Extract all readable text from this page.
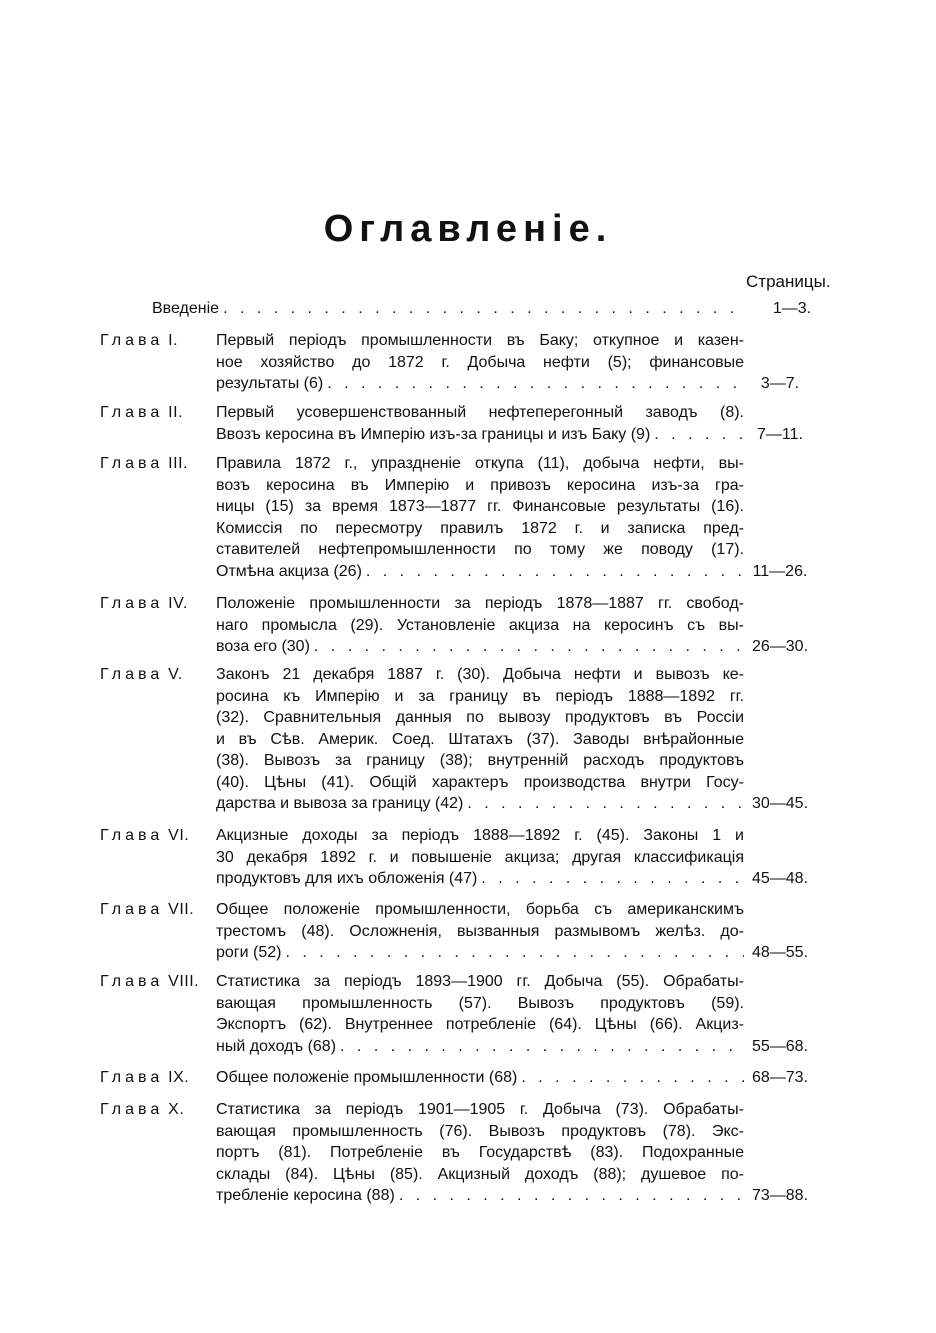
Оглавленіе.
Страницы.
Введеніе . . .	1—3.
Глава I.	Первый періодъ промышленности въ Баку; откупное и казен-
ное хозяйство до 1872 г. Добыча нефти (5); финансовые
результаты (6) . . .	3—7.
Глава II.	Первый усовершенствованный нефтеперегонный заводъ (8).
Ввозъ керосина въ Имперію изъ-за границы и изъ Баку (9) . . .	7—11.
Глава III.	Правила 1872 г., упраздненіе откупа (11), добыча нефти, вы-
возъ керосина въ Имперію и привозъ керосина изъ-за гра-
ницы (15) за время 1873—1877 гг. Финансовые результаты (16).
Комиссія по пересмотру правилъ 1872 г. и записка пред-
ставителей нефтепромышленности по тому же поводу (17).
Отмѣна акциза (26) . . .	11—26.
Глава IV.	Положеніе промышленности за періодъ 1878—1887 гг. свобод-
наго промысла (29). Установленіе акциза на керосинъ съ вы-
воза его (30) . . .	26—30.
Глава V.	Законъ 21 декабря 1887 г. (30). Добыча нефти и вывозъ ке-
росина къ Имперію и за границу въ періодъ 1888—1892 гг.
(32). Сравнительныя данныя по вывозу продуктовъ въ Россіи
и въ Сѣв. Америк. Соед. Штатахъ (37). Заводы внѣрайонные
(38). Вывозъ за границу (38); внутренній расходъ продуктовъ
(40). Цѣны (41). Общій характеръ производства внутри Госу-
дарства и вывоза за границу (42) . . .	30—45.
Глава VI.	Акцизные доходы за періодъ 1888—1892 г. (45). Законы 1 и
30 декабря 1892 г. и повышеніе акциза; другая классификація
продуктовъ для ихъ обложенія (47) . . .	45—48.
Глава VII.	Общее положеніе промышленности, борьба съ американскимъ
трестомъ (48). Осложненія, вызванныя размывомъ желѣз. до-
роги (52) . . .	48—55.
Глава VIII.	Статистика за періодъ 1893—1900 гг. Добыча (55). Обрабаты-
вающая промышленность (57). Вывозъ продуктовъ (59).
Экспортъ (62). Внутреннее потребленіе (64). Цѣны (66). Акциз-
ный доходъ (68) . . .	55—68.
Глава IX.	Общее положеніе промышленности (68) . . .	68—73.
Глава X.	Статистика за періодъ 1901—1905 г. Добыча (73). Обрабаты-
вающая промышленность (76). Вывозъ продуктовъ (78). Экс-
портъ (81). Потребленіе въ Государствѣ (83). Подохранные
склады (84). Цѣны (85). Акцизный доходъ (88); душевое по-
требленіе керосина (88) . . .	73—88.
